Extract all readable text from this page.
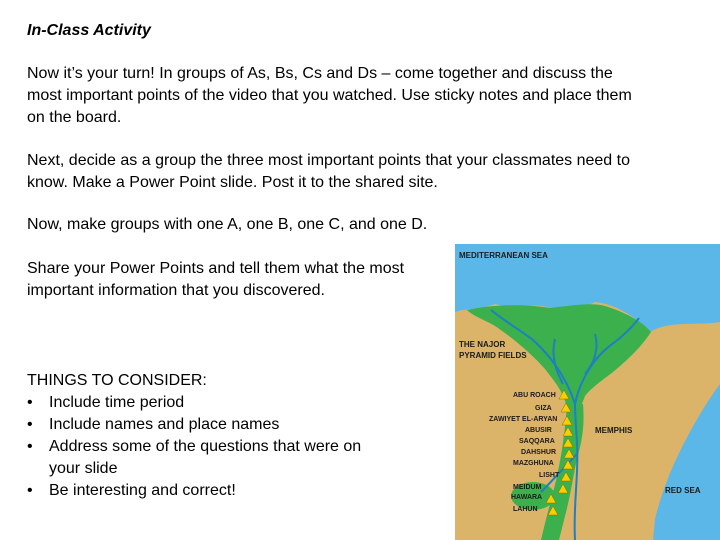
In-Class Activity

Now it’s your turn! In groups of As, Bs, Cs and Ds – come together and discuss the most important points of the video that you watched. Use sticky notes and place them on the board.

Next, decide as a group the three most important points that your classmates need to know. Make a Power Point slide. Post it to the shared site.

Now, make groups with one A, one B, one C, and one D.

Share your Power Points and tell them what the most important information that you discovered.

THINGS TO CONSIDER:
• Include time period
• Include names and place names
• Address some of the questions that were on your slide
• Be interesting and correct!
MEDITERRANEAN SEA
THE NAJOR
PYRAMID FIELDS
ABU ROAСH
GIZA
ZAWIYET EL-ARYAN
ABUSIR
SAQQARA
DAHSHUR
MAZGHUNA
LISHT
MEIDUM
HAWARA
LAHUN
MEMPHIS
RED SEA
